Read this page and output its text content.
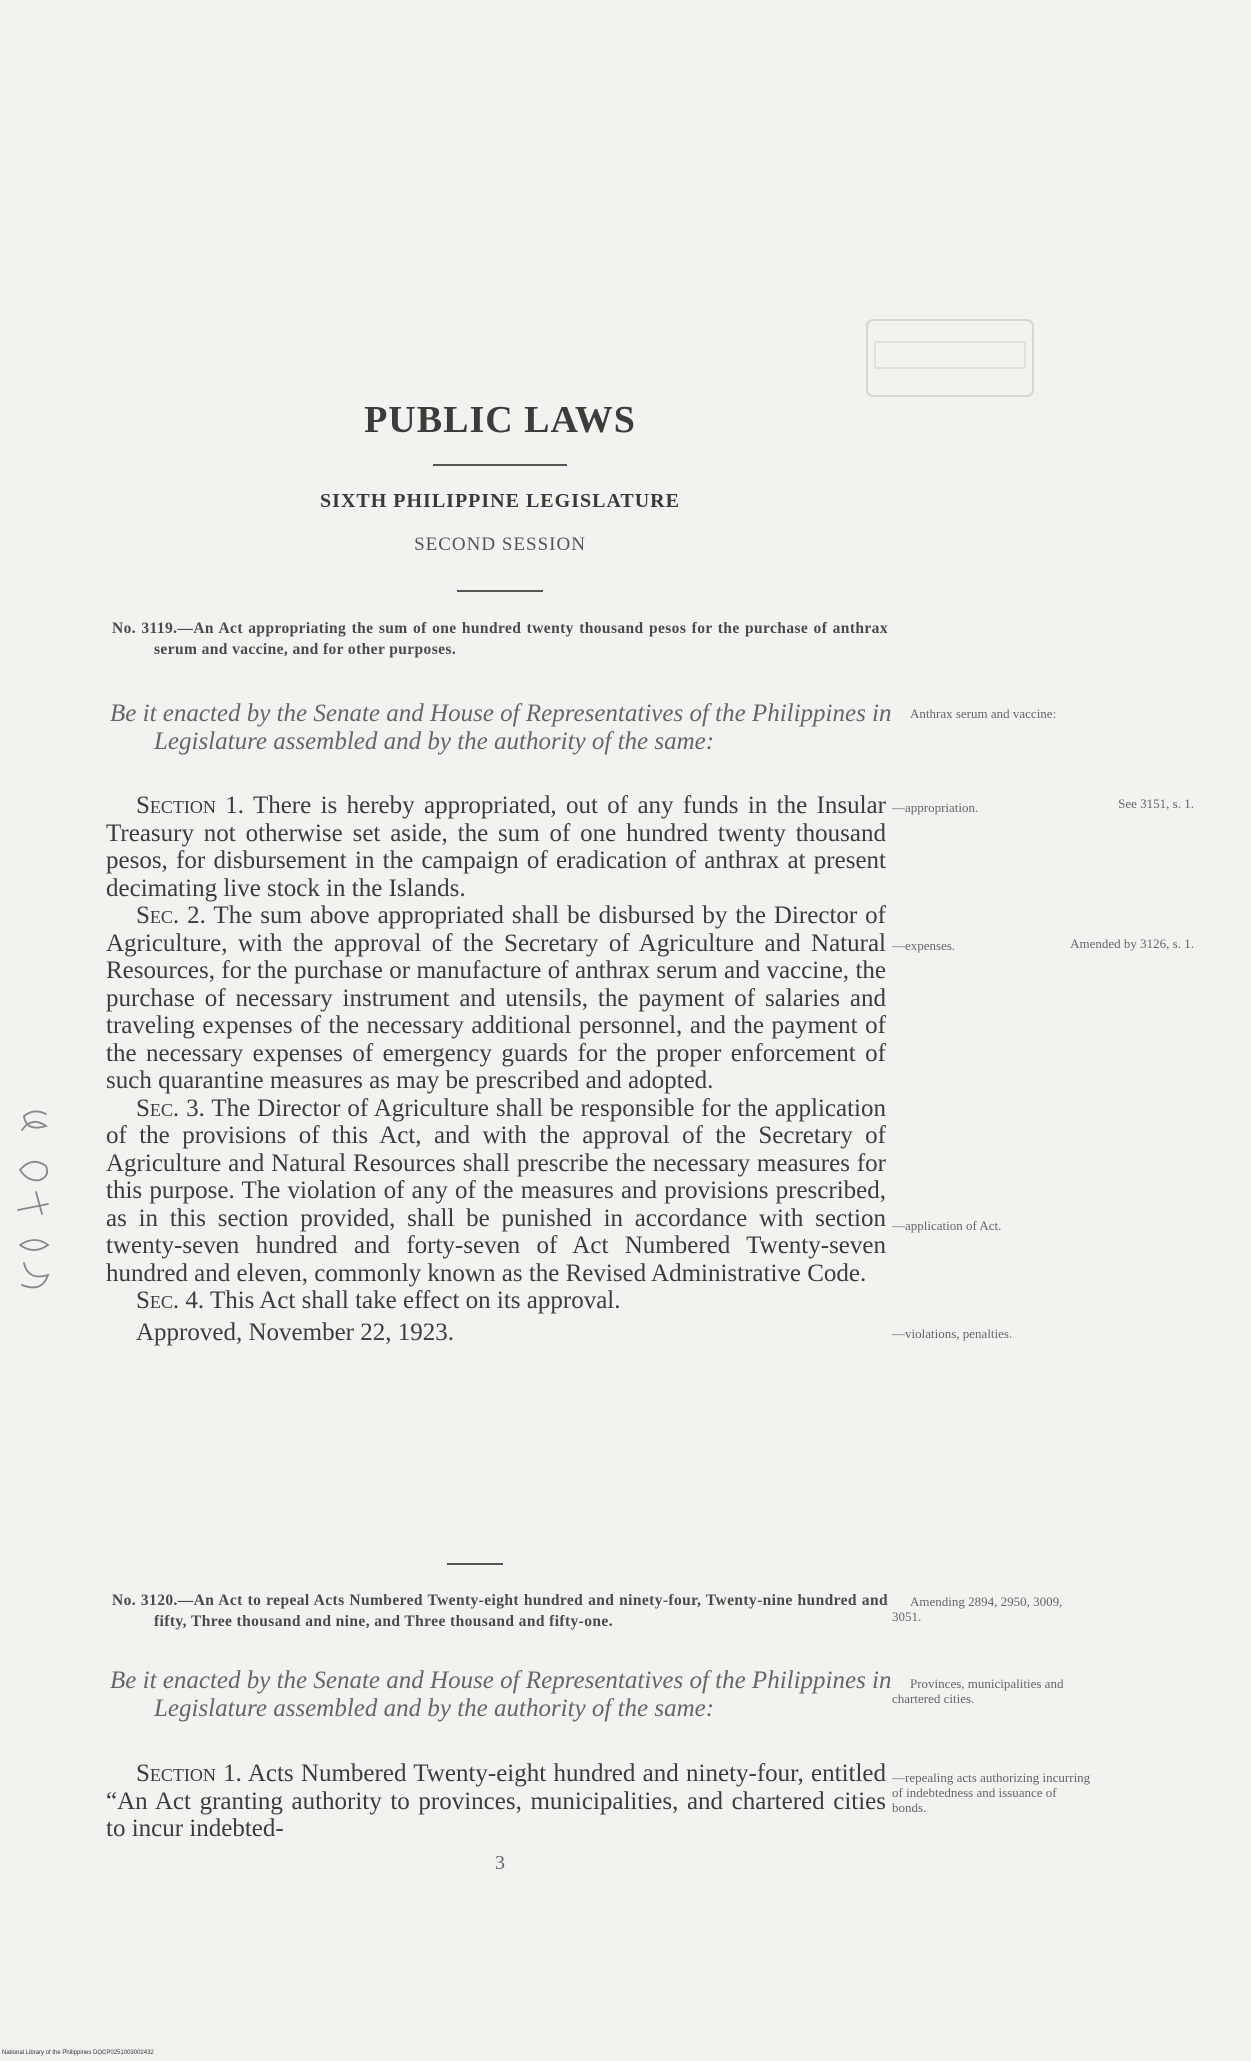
PUBLIC LAWS
SIXTH PHILIPPINE LEGISLATURE
SECOND SESSION
No. 3119.—An Act appropriating the sum of one hundred twenty thousand pesos for the purchase of anthrax serum and vaccine, and for other purposes.
Be it enacted by the Senate and House of Representatives of the Philippines in Legislature assembled and by the authority of the same:

Section 1. There is hereby appropriated, out of any funds in the Insular Treasury not otherwise set aside, the sum of one hundred twenty thousand pesos, for disbursement in the campaign of eradication of anthrax at present decimating live stock in the Islands.

Sec. 2. The sum above appropriated shall be disbursed by the Director of Agriculture, with the approval of the Secretary of Agriculture and Natural Resources, for the purchase or manufacture of anthrax serum and vaccine, the purchase of necessary instrument and utensils, the payment of salaries and traveling expenses of the necessary additional personnel, and the payment of the necessary expenses of emergency guards for the proper enforcement of such quarantine measures as may be prescribed and adopted.

Sec. 3. The Director of Agriculture shall be responsible for the application of the provisions of this Act, and with the approval of the Secretary of Agriculture and Natural Resources shall prescribe the necessary measures for this purpose. The violation of any of the measures and provisions prescribed, as in this section provided, shall be punished in accordance with section twenty-seven hundred and forty-seven of Act Numbered Twenty-seven hundred and eleven, commonly known as the Revised Administrative Code.

Sec. 4. This Act shall take effect on its approval.

Approved, November 22, 1923.

Anthrax serum and vaccine:
—appropriation.	See 3151, s. 1.
—expenses.	Amended by 3126, s. 1.
—application of Act.
—violations, penalties.
No. 3120.—An Act to repeal Acts Numbered Twenty-eight hundred and ninety-four, Twenty-nine hundred and fifty, Three thousand and nine, and Three thousand and fifty-one.
Be it enacted by the Senate and House of Representatives of the Philippines in Legislature assembled and by the authority of the same:

Section 1. Acts Numbered Twenty-eight hundred and ninety-four, entitled “An Act granting authority to provinces, municipalities, and chartered cities to incur indebted-

Amending 2894, 2950, 3009, 3051.
Provinces, municipalities and chartered cities.
—repealing acts authorizing incurring of indebtedness and issuance of bonds.
3
National Library of the Philippines DOCP0251003002432
